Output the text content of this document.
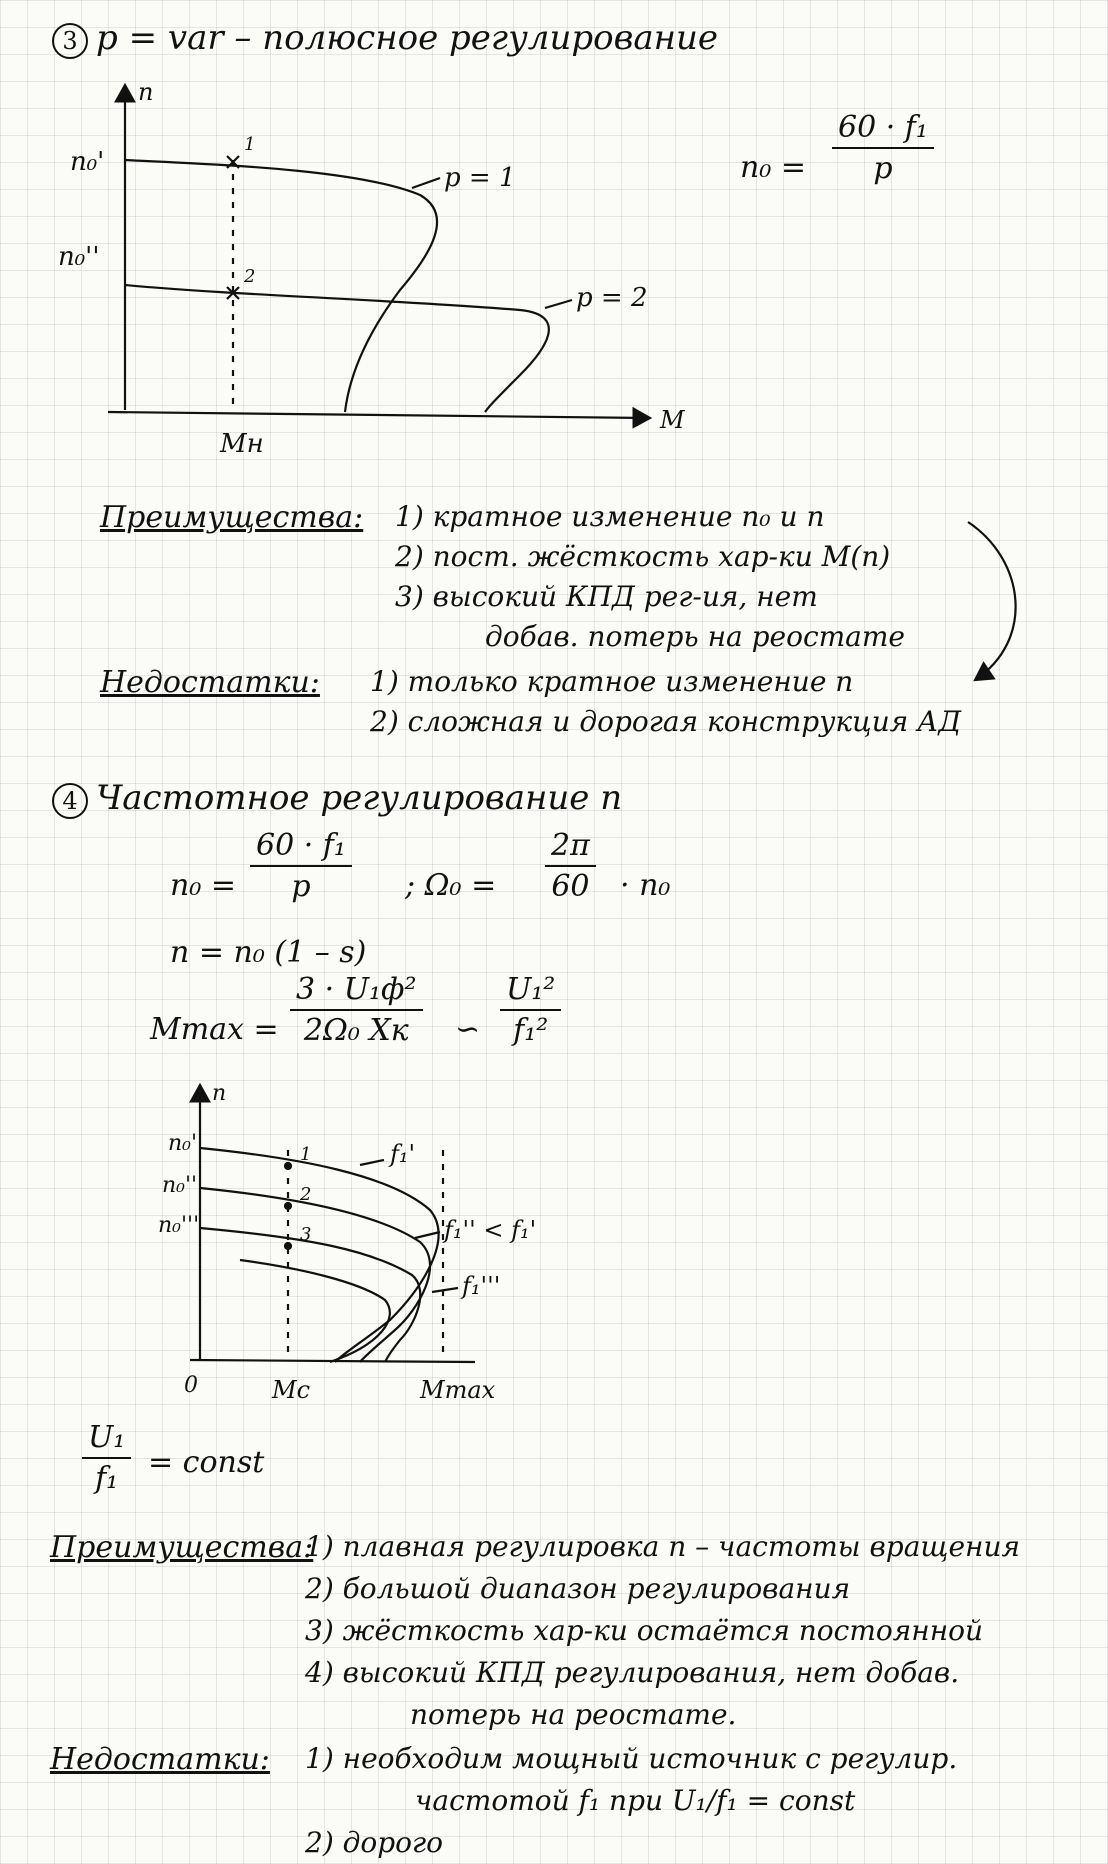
3 p = var – полюсное регулирование
$n_0 = \frac{\text{60 · f₁}}{p}$
n
M
n₀'
n₀''
Mн
1
2
p = 1
p = 2
n
n₀'
n₀''
n₀'''
0	Mс	Mmax
1
2
3
f₁'
f₁'' < f₁'
f₁'''
Преимущества: 1) кратное изменение n₀ и n
2) пост. жёсткость хар-ки M(n)
3) высокий КПД рег-ия, нет
добав. потерь на реостате
Недостатки: 1) только кратное изменение n
2) сложная и дорогая конструкция АД
4 Частотное регулирование n
$n_0 = \frac{\text{60 · f₁}}{p}$ ; $\Omega_0 = \frac{2\pi}{60} \cdot n_0$
n = n₀ (1 – s)
Mmax =
3 · U₁ф²
2Ω₀ Xк ∽ $\frac{\text{U₁²}}{\text{f₁²}}$
$\frac{\text{U₁}}{\text{f₁}}$ = const
Преимущества:
1) плавная регулировка n – частоты вращения
2) большой диапазон регулирования
3) жёсткость хар-ки остаётся постоянной
4) высокий КПД регулирования, нет добав.
потерь на реостате.
Недостатки: 1) необходим мощный источник с регулир.
частотой f₁ при U₁/f₁ = const
2) дорого
